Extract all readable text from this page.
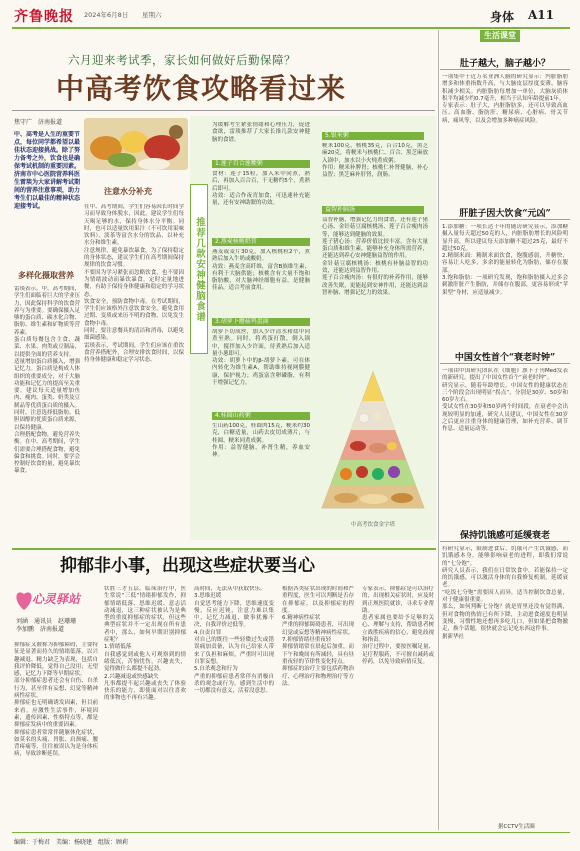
齐鲁晚报 2024年6月8日 星期六	身体 A11
六月迎来考试季，家长如何做好后勤保障？
中高考饮食攻略看过来
焦守广　济南报道
中、高考是人生的重要节点，每位同学都希望以最佳状态迎接挑战。除了努力备考之外，饮食也是确保考试机制的重要因素。济南市中心医院营养科医生雷琰为大家讲解考试期间的营养注意事项，助力考生们以最佳的精神状态迎接考试。
多样化摄取营养
雷琰表示，中、高考期间，学生们面临着巨大的学业压力，因此保持科学的饮食营养与为重要。要确保摄入足够的蛋白质、碳水化合物、脂肪、维生素和矿物质等营养素。
蛋白质每餐包含主食、蔬菜、水果、肉类或豆制品，以提供全面的营养支持。
适量增加蛋白质摄入，增强记忆力。蛋白质是构成人体组织的重要成分，对于大脑功能和记忆力的提高至关重要。建议每天适量增加鱼肉、瘦肉、蛋类、奶类及豆制品等优质蛋白质的摄入。同时，注意选择低脂肪、低胆固醇的优质蛋白质来源，以保持健康。
合理搭配食物，避免营养失衡。在中、高考期间，学生们需要合理搭配食物，避免偏食和挑食。同时，要学会控制好饮食的量，避免暴饮暴食。
注意水分补充
在中、高考期间，学生们容易因长时间学习而导致身体脱水，因此，建议学生们每天喝足够的水，保持身体水分平衡。同时，也可以适量饮用果汁（不可饮用果味饮料）、淡茶等富含水分的饮品，以补充水分和维生素。
注意规律，避免暴饮暴食，为了保持稳定的身体状态，建议学生们在高考期间保持规律的饮食习惯。
不要因为学习紧张而忽略饮食，也不要因为情绪波动而暴饮暴食。定时定量地进餐，有助于保持身体健康和稳定的学习状态。
饮食安全，预防食物中毒。在考试期间，学生们应该格外注意饮食安全。避免食用过期、变质或来历不明的食物，以免发生食物中毒。
同时，要注意餐具的清洁和消毒，以避免细菌感染。
雷琰表示，考试期间，学生们应该在重饮食营养搭配外，合理安排饮食时间，以保持身体健康和稳定学习状态。
推荐几款安神健脑食谱
为缓解考生紧张情绪和心理压力，促进食欲，雷琰推荐了大家长推几款安神健脑的食谱。
1.莲子百合莲粳粥
食材：莲子15粒，加入米中同煮，熟后，再加入百合百，干无糖约5个，煮熟后即可。
功效：适合作夜宵加食，可迅速补充能量，还有安神助眠的功效。
2.燕麦核桃奶昔
燕麦或麦片30克，加入核桃粒2个，煮熟后加入牛奶或酸奶。
功效：燕麦含高纤维，富含B族维生素，有利于大脑供能；核桃含有大量不饱和脂肪酸，对大脑神经细胞有益，是健脑佳品，适合考前食用。
3.胡萝卜蘑菇鸡蛋面
胡萝卜切成丝，加入少许清水和盐中同煮至熟。同时，将鸡蛋打散，倒入锅中，搅拌加入少许面，待煮熟后加入适量小葱即可。
功效：胡萝卜中的β-胡萝卜素，可在体内转化为维生素A，帮助维持视网膜健康，保护视力；鸡蛋富含卵磷脂，有利于增强记忆力。
4.桂圆山药粥
生山药100克，桂圆肉15克，粳米约30克，白糖适量，山药去皮切成薄片，与桂圆、粳米同煮成粥。
作用：益智健脑，补肾生精，养血安神。
5.银米粥
粳米100克，核桃35克，百合10克，黑芝麻20克，将粳米与核桃仁、百合、黑芝麻放入锅中，加水以小火炖煮成粥。
作用：粳米补脾胃；核桃仁补肾健脑，补心益智；黑芝麻补肝肾，润肠。
益智补脑汤
益智补脑，增强记忆力的食谱，还有莲子猪心汤、金针菇豆腐核桃汤、莲子百合瘦肉汤等，能够达到健脑的效果。
莲子猪心汤：营养价值比较丰富，含有大量蛋白质和维生素，能够补充身体所需营养，还能达到养心安神健脑益智的作用。
金针菇豆腐核桃汤：核桃有补脑益智的功效，还能达到益智作用。
莲子百合瘦肉汤：有很好的补养作用，能够改善失眠，更能起到安神作用，还能达到益智补脑、增强记忆力的效果。
中高考饮食金字塔
生活课堂
肚子越大，脑子越小？
一项集中于近万名亚洲人脑的研究显示：内脏脂肪增多和体重指数升高，与大脑皮层厚度变薄、脑容积减少相关。内脏脂肪每增加一单位，大脑灰质体积平均减少约0.7毫升，相当于认知年龄提前1年。
专家表示：肚子大，内脏脂肪多，还可以导致高血压、高血脂、脂肪肝、糖尿病、心脏病、骨关节病，痛风等，以及会增加多种癌症风险。
肝脏子因大饮食“元凶”
1.添加糖：一项长达十年的随访研究显示，添加糖摄入量每天超过50克的人，内脏脂肪增长的风险明显升高，所以建议每天添加糖不超过25克，最好不超过50克。
2.精制米面：精制米面饮食，饱腹感弱，升糖快，容易让人吃多，多余的能量转化为脂肪，储存在腹部。
3.饱和脂肪：一项研究发现，饱和脂肪摄入过多会刺激肝脏产生脂肪，并储存在腹部，更容易形成“苹果型”身材，应适量减少。
中国女性首个“衰老时钟”
一项由中国研究团队在《细胞》旗下子刊Med发表的新研究，提出了中国女性首个“衰老时钟”。
研究显示，随着年龄增长，中国女性的健康状态在三个阶段会出现明显“拐点”，分别是30岁、50岁和60岁左右。
受试女性在30岁和50岁两个时间段，在衰老中会出现较明显的加速，研究人员建议，中国女性在30岁之后更应注重身体的健康管理，如补充营养、调节作息、适量运动等。
保持饥饿感可延缓衰老
有研究显示，限制进食后，饥饿可产生饥饿感，而饥饿感本身，能够影响衰老的进程，即我们常说的“七分饱”。
研究人员表示，我们在日常饮食中，若能保持一定的饥饿感，可以激活身体的自我修复机制，延缓衰老。
“吃饭七分饱”需要因人而异，适当控制饮食总量，对于健康很重要。
那么，如何判断七分饱？就是胃里还没有觉得满，但对食物的热情已有所下降，主动进食速度也明显变慢，习惯性地还想再多吃几口，但如果把食物撤走，换个话题，很快就会忘记吃东西这件事。
据新华社
据CCTV生活圈
抑郁非小事，出现这些症状要当心
心灵驿站
刘涵　通讯员　赵珊珊
李加鹏　济南报道
抑郁症又被称为抑郁障碍，主要特征是显著而持久的情绪低落，以兴趣减退、精力缺乏为表现，包括自我评价降低，觉得自己没用；无望感，记忆力下降等早期症状。
部分抑郁症患者还会有自伤、自杀行为，甚至伴有妄想、幻觉等精神病性症状。
抑郁症也无明确诱发因素，但目前来看，应激性生活事件，环境因素，遗传因素、性格特点等，都是抑郁症发病中的重要因素。
抑郁症患者常常伴随躯体化症状，如莫名的头痛、胃胀、肩颈痛、腰背疼痛等，往往被误认为是身体疾病，导致诊断延误。
状胜三才五层。临床治疗中，医生常说“三低”情绪抑郁发作，抑郁情绪低落、思维迟缓、意志活动减退，这三种症状被认为是典型的重度抑郁症的症状，但这些典型症状并不一定出现在所有患者中，那么，如何早期识别抑郁症呢？
1.情绪低落
自我感觉到或他人可观察到的情绪低沉，苦恼忧伤，兴趣丧失，觉得做什么都提不起劲。
2.兴趣减退或快感缺失
凡事都提不起兴趣或丧失了体验快乐的能力，即使面对以往喜欢的事物也不再有兴趣。
高时间，无法从中获取快乐。
3.思维迟缓
自觉思考能力下降，思维速度变慢，反应迟钝，注意力难以集中，记忆力减退，做事犹豫不决，自我评价过低等。
4.自责自罪
对自己的既往一些轻微过失或错误痛加责备，认为自己给家人带来了负担和麻烦，严重时可出现自罪妄想。
5.自杀观念和行为
严重的抑郁症患者常伴有消极自杀的观念或行为，感到生活中的一切都没有意义，活着没意思。
根据各类症状出现的时间和严重程度，医生可以判断是否存在抑郁症，以及抑郁症的程度。
6.精神病性症状
严重的抑郁障碍患者，可出现幻觉或妄想等精神病性症状。
7.抑郁情绪昼重夜轻
抑郁情绪常在晨起后加重，而下午和晚间有所减轻，具有昼重夜轻的节律性变化特点。
抑郁症的治疗主要包括药物治疗、心理治疗和物理治疗等方法。
专家表示，抑郁症是可以治疗的，出现相关症状时，应及时到正规医院就诊，寻求专业帮助。
患者家属也要给予足够的关心、理解与支持，帮助患者树立战胜疾病的信心，避免歧视和指责。
治疗过程中，要按医嘱足量、足疗程服药，不可擅自减药或停药，以免导致病情反复。
编辑：于梅君　美编：杨晓建　组版：顾莉
